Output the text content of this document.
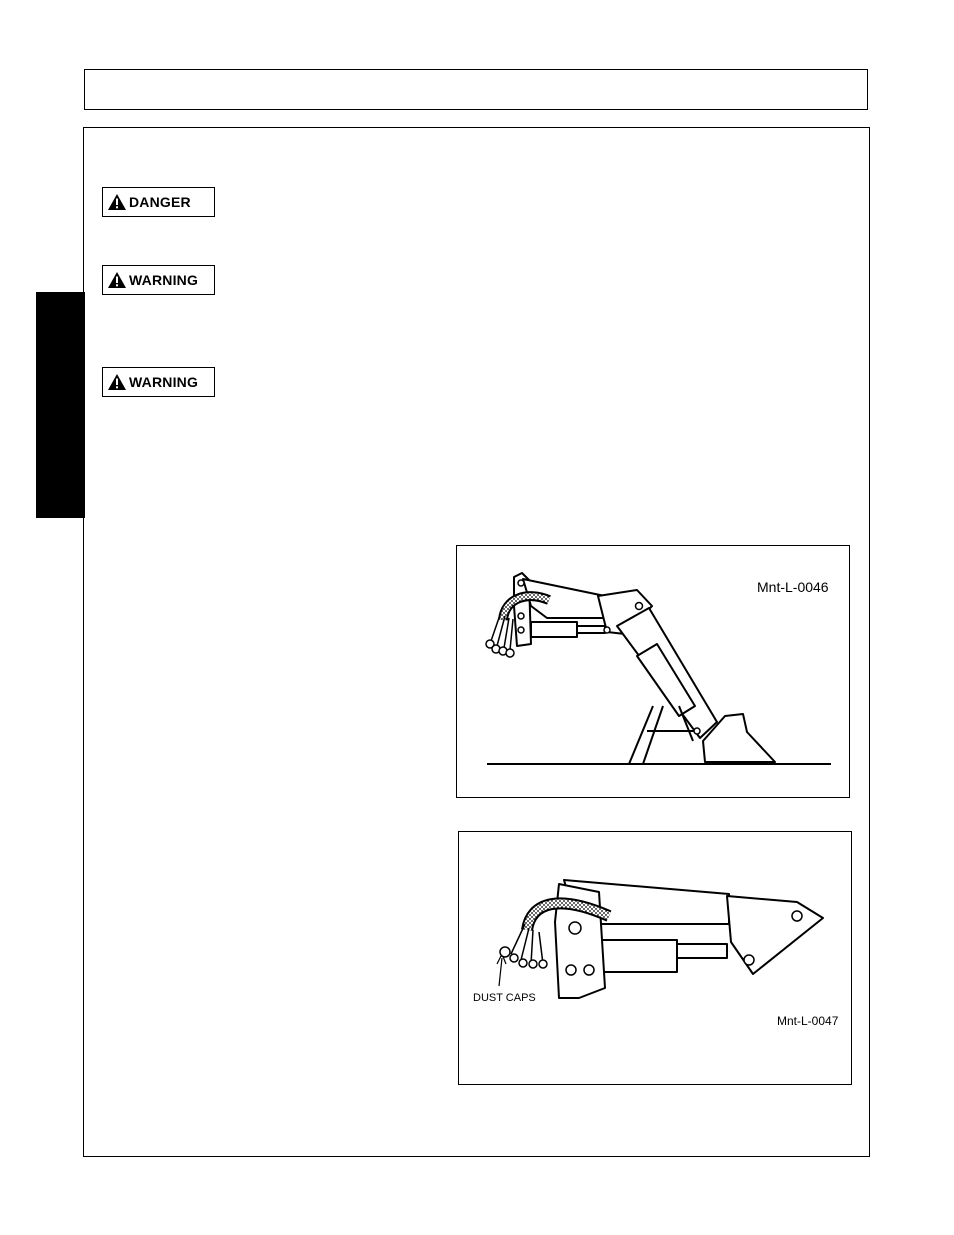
DANGER
WARNING
WARNING
Mnt-L-0046
DUST CAPS
Mnt-L-0047
